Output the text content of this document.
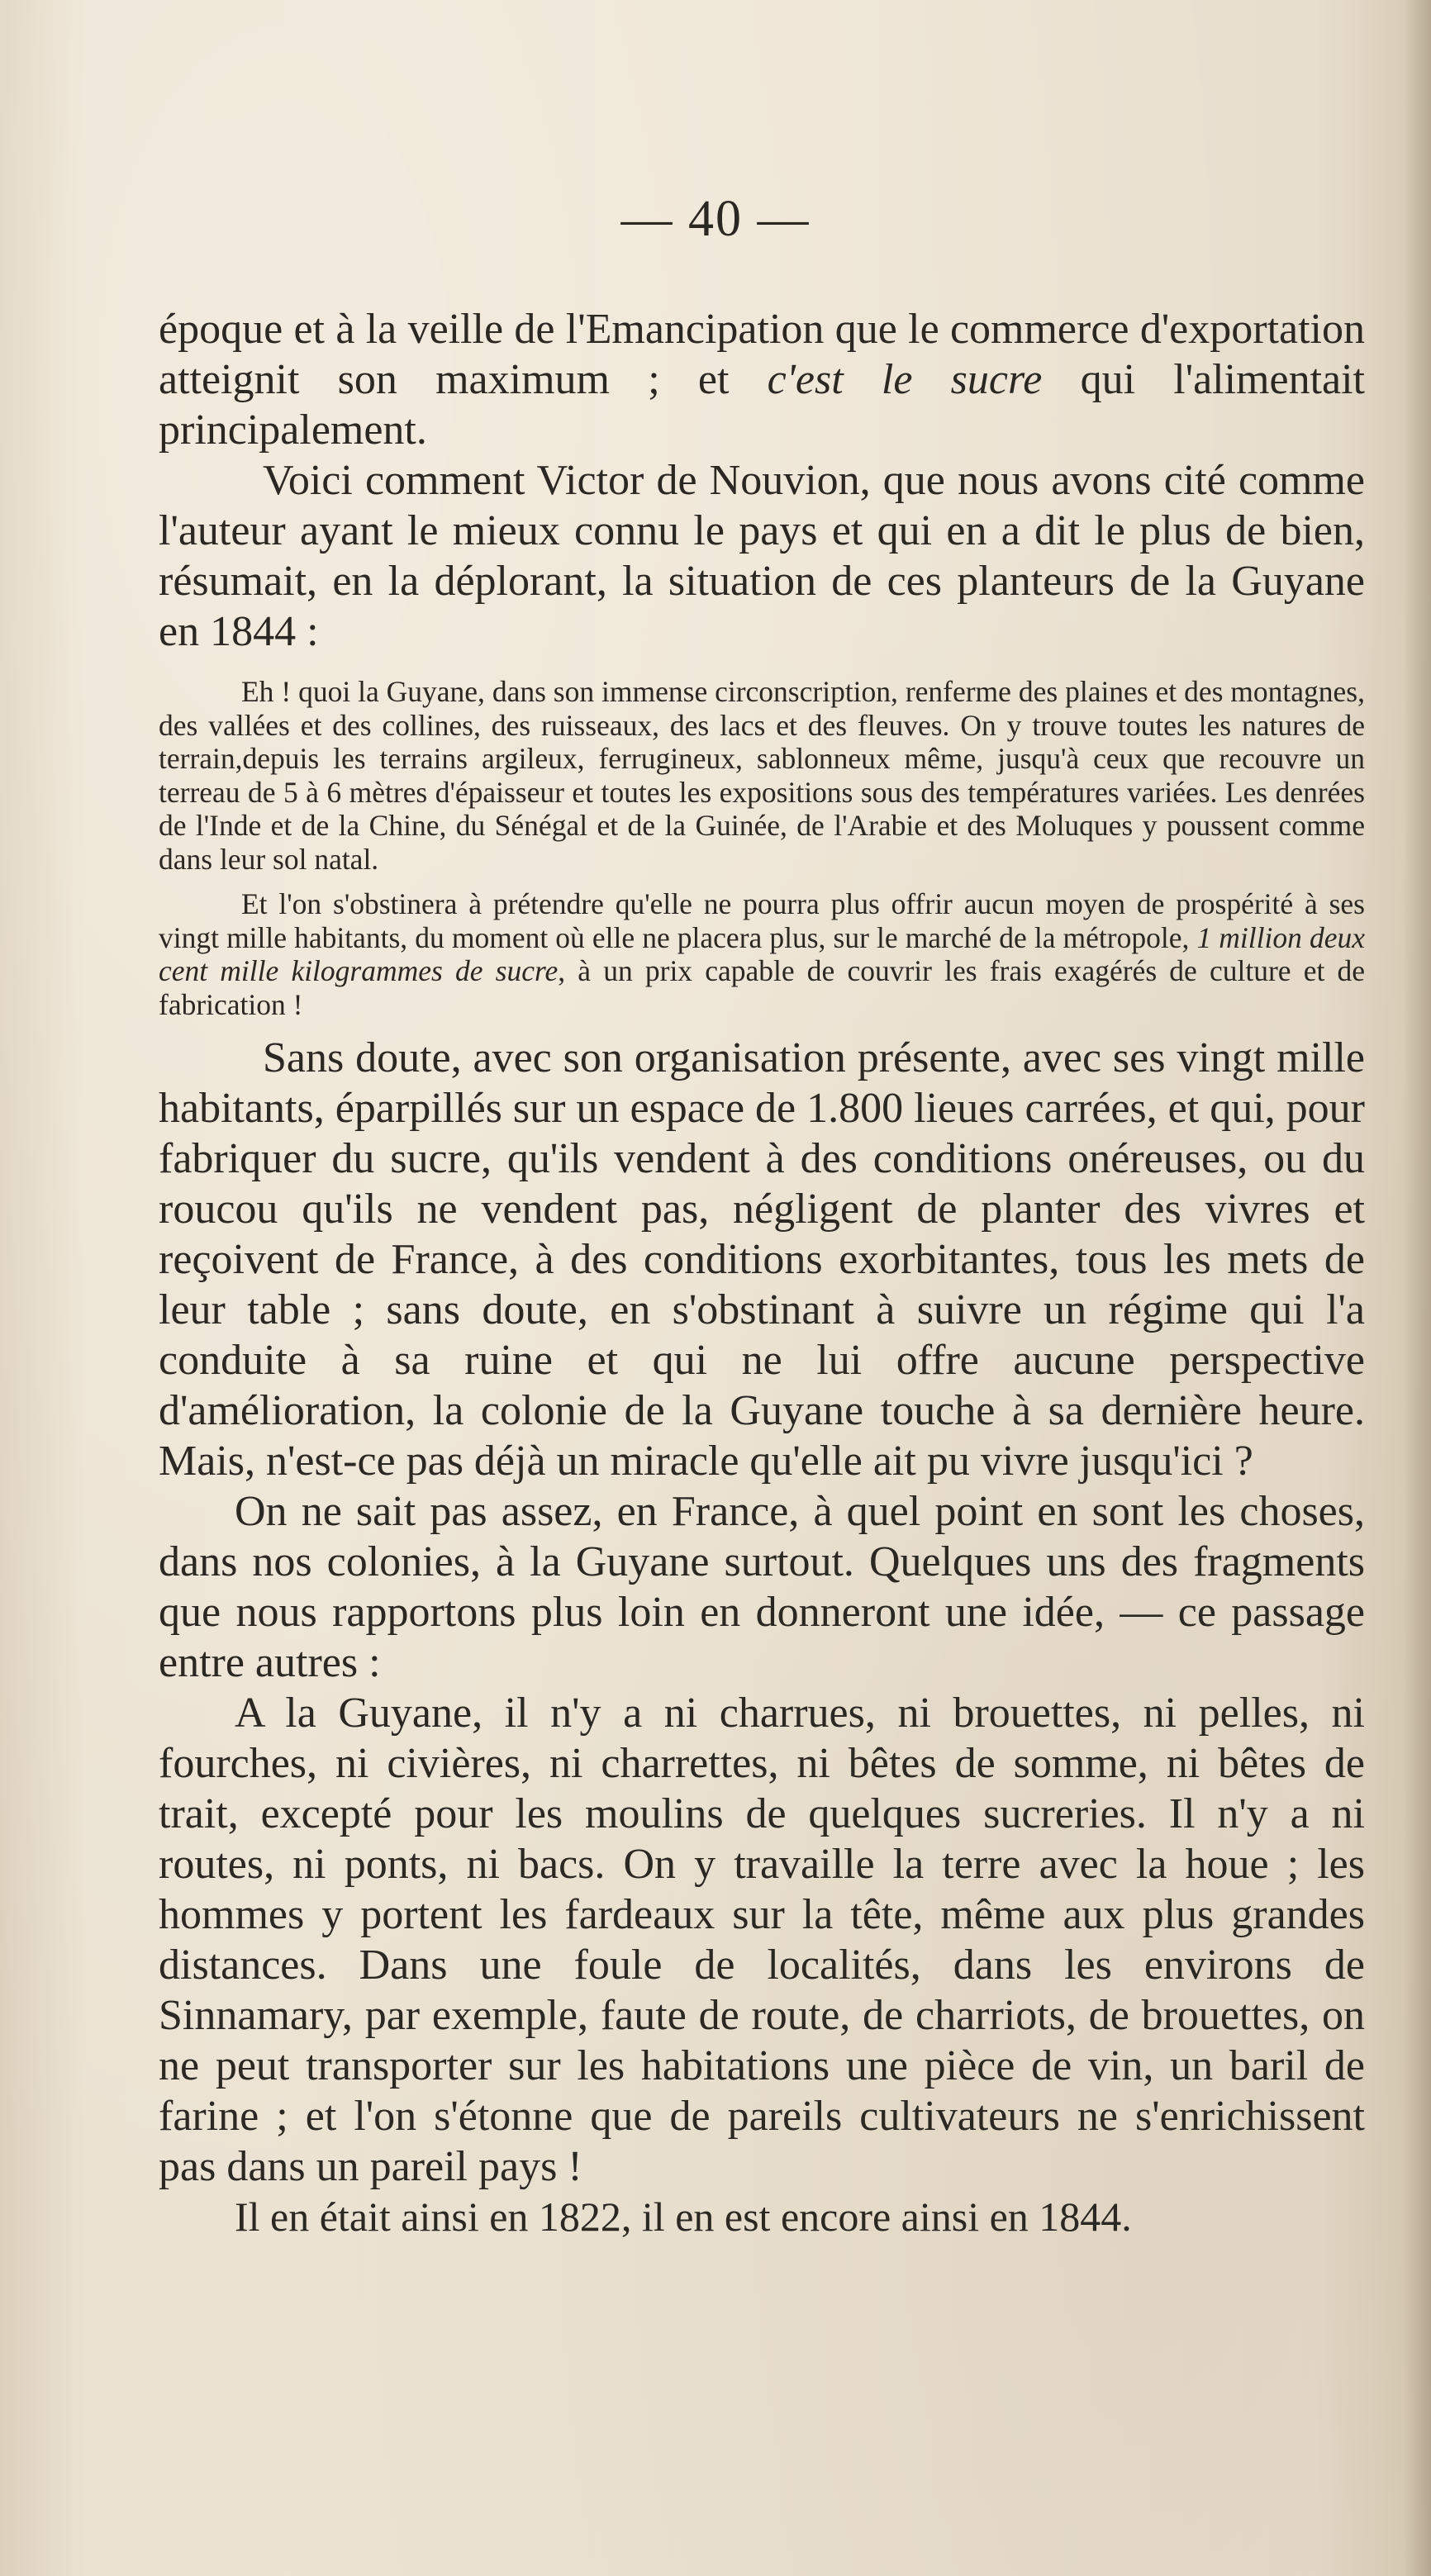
— 40 —

époque et à la veille de l'Emancipation que le commerce d'exportation atteignit son maximum ; et c'est le sucre qui l'alimentait principalement.

Voici comment Victor de Nouvion, que nous avons cité comme l'auteur ayant le mieux connu le pays et qui en a dit le plus de bien, résumait, en la déplorant, la situation de ces planteurs de la Guyane en 1844 :

Eh ! quoi la Guyane, dans son immense circonscription, renferme des plaines et des montagnes, des vallées et des collines, des ruisseaux, des lacs et des fleuves. On y trouve toutes les natures de terrain,depuis les terrains argileux, ferrugineux, sablonneux même, jusqu'à ceux que recouvre un terreau de 5 à 6 mètres d'épaisseur et toutes les expositions sous des températures variées. Les denrées de l'Inde et de la Chine, du Sénégal et de la Guinée, de l'Arabie et des Moluques y poussent comme dans leur sol natal.

Et l'on s'obstinera à prétendre qu'elle ne pourra plus offrir aucun moyen de prospérité à ses vingt mille habitants, du moment où elle ne placera plus, sur le marché de la métropole, 1 million deux cent mille kilogrammes de sucre, à un prix capable de couvrir les frais exagérés de culture et de fabrication !

Sans doute, avec son organisation présente, avec ses vingt mille habitants, éparpillés sur un espace de 1.800 lieues carrées, et qui, pour fabriquer du sucre, qu'ils vendent à des conditions onéreuses, ou du roucou qu'ils ne vendent pas, négligent de planter des vivres et reçoivent de France, à des conditions exorbitantes, tous les mets de leur table ; sans doute, en s'obstinant à suivre un régime qui l'a conduite à sa ruine et qui ne lui offre aucune perspective d'amélioration, la colonie de la Guyane touche à sa dernière heure. Mais, n'est-ce pas déjà un miracle qu'elle ait pu vivre jusqu'ici ?

On ne sait pas assez, en France, à quel point en sont les choses, dans nos colonies, à la Guyane surtout. Quelques uns des fragments que nous rapportons plus loin en donneront une idée, — ce passage entre autres :

A la Guyane, il n'y a ni charrues, ni brouettes, ni pelles, ni fourches, ni civières, ni charrettes, ni bêtes de somme, ni bêtes de trait, excepté pour les moulins de quelques sucreries. Il n'y a ni routes, ni ponts, ni bacs. On y travaille la terre avec la houe ; les hommes y portent les fardeaux sur la tête, même aux plus grandes distances. Dans une foule de localités, dans les environs de Sinnamary, par exemple, faute de route, de charriots, de brouettes, on ne peut transporter sur les habitations une pièce de vin, un baril de farine ; et l'on s'étonne que de pareils cultivateurs ne s'enrichissent pas dans un pareil pays !

Il en était ainsi en 1822, il en est encore ainsi en 1844.
